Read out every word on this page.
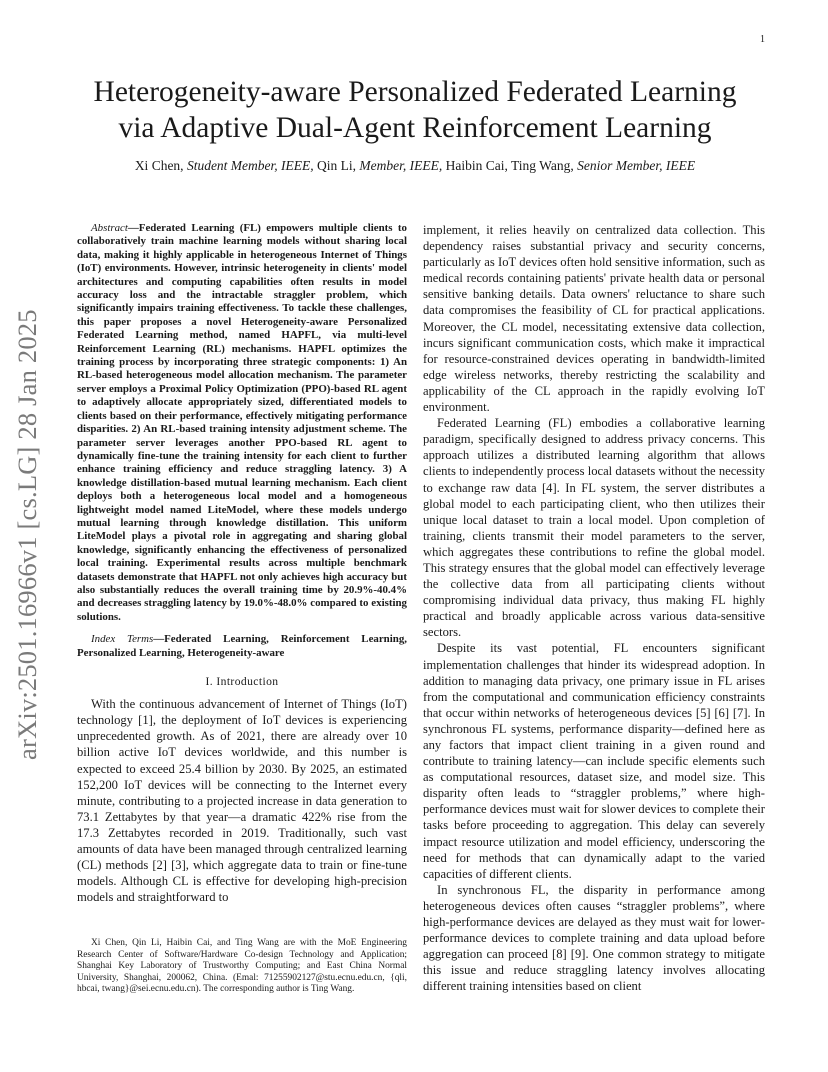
1
arXiv:2501.16966v1 [cs.LG] 28 Jan 2025
Heterogeneity-aware Personalized Federated Learning
via Adaptive Dual-Agent Reinforcement Learning
Xi Chen, Student Member, IEEE, Qin Li, Member, IEEE, Haibin Cai, Ting Wang, Senior Member, IEEE

Abstract—Federated Learning (FL) empowers multiple clients to collaboratively train machine learning models without sharing local data, making it highly applicable in heterogeneous Internet of Things (IoT) environments. However, intrinsic heterogeneity in clients' model architectures and computing capabilities often results in model accuracy loss and the intractable straggler problem, which significantly impairs training effectiveness. To tackle these challenges, this paper proposes a novel Heterogeneity-aware Personalized Federated Learning method, named HAPFL, via multi-level Reinforcement Learning (RL) mechanisms. HAPFL optimizes the training process by incorporating three strategic components: 1) An RL-based heterogeneous model allocation mechanism. The parameter server employs a Proximal Policy Optimization (PPO)-based RL agent to adaptively allocate appropriately sized, differentiated models to clients based on their performance, effectively mitigating performance disparities. 2) An RL-based training intensity adjustment scheme. The parameter server leverages another PPO-based RL agent to dynamically fine-tune the training intensity for each client to further enhance training efficiency and reduce straggling latency. 3) A knowledge distillation-based mutual learning mechanism. Each client deploys both a heterogeneous local model and a homogeneous lightweight model named LiteModel, where these models undergo mutual learning through knowledge distillation. This uniform LiteModel plays a pivotal role in aggregating and sharing global knowledge, significantly enhancing the effectiveness of personalized local training. Experimental results across multiple benchmark datasets demonstrate that HAPFL not only achieves high accuracy but also substantially reduces the overall training time by 20.9%-40.4% and decreases straggling latency by 19.0%-48.0% compared to existing solutions.

Index Terms—Federated Learning, Reinforcement Learning, Personalized Learning, Heterogeneity-aware

I. Introduction

With the continuous advancement of Internet of Things (IoT) technology [1], the deployment of IoT devices is experiencing unprecedented growth. As of 2021, there are already over 10 billion active IoT devices worldwide, and this number is expected to exceed 25.4 billion by 2030. By 2025, an estimated 152,200 IoT devices will be connecting to the Internet every minute, contributing to a projected increase in data generation to 73.1 Zettabytes by that year—a dramatic 422% rise from the 17.3 Zettabytes recorded in 2019. Traditionally, such vast amounts of data have been managed through centralized learning (CL) methods [2] [3], which aggregate data to train or fine-tune models. Although CL is effective for developing high-precision models and straightforward to

Xi Chen, Qin Li, Haibin Cai, and Ting Wang are with the MoE Engineering Research Center of Software/Hardware Co-design Technology and Application; Shanghai Key Laboratory of Trustworthy Computing; and East China Normal University, Shanghai, 200062, China. (Emal: 71255902127@stu.ecnu.edu.cn, {qli, hbcai, twang}@sei.ecnu.edu.cn). The corresponding author is Ting Wang.

implement, it relies heavily on centralized data collection. This dependency raises substantial privacy and security concerns, particularly as IoT devices often hold sensitive information, such as medical records containing patients' private health data or personal sensitive banking details. Data owners' reluctance to share such data compromises the feasibility of CL for practical applications. Moreover, the CL model, necessitating extensive data collection, incurs significant communication costs, which make it impractical for resource-constrained devices operating in bandwidth-limited edge wireless networks, thereby restricting the scalability and applicability of the CL approach in the rapidly evolving IoT environment.

Federated Learning (FL) embodies a collaborative learning paradigm, specifically designed to address privacy concerns. This approach utilizes a distributed learning algorithm that allows clients to independently process local datasets without the necessity to exchange raw data [4]. In FL system, the server distributes a global model to each participating client, who then utilizes their unique local dataset to train a local model. Upon completion of training, clients transmit their model parameters to the server, which aggregates these contributions to refine the global model. This strategy ensures that the global model can effectively leverage the collective data from all participating clients without compromising individual data privacy, thus making FL highly practical and broadly applicable across various data-sensitive sectors.

Despite its vast potential, FL encounters significant implementation challenges that hinder its widespread adoption. In addition to managing data privacy, one primary issue in FL arises from the computational and communication efficiency constraints that occur within networks of heterogeneous devices [5] [6] [7]. In synchronous FL systems, performance disparity—defined here as any factors that impact client training in a given round and contribute to training latency—can include specific elements such as computational resources, dataset size, and model size. This disparity often leads to “straggler problems,” where high-performance devices must wait for slower devices to complete their tasks before proceeding to aggregation. This delay can severely impact resource utilization and model efficiency, underscoring the need for methods that can dynamically adapt to the varied capacities of different clients.

In synchronous FL, the disparity in performance among heterogeneous devices often causes “straggler problems”, where high-performance devices are delayed as they must wait for lower-performance devices to complete training and data upload before aggregation can proceed [8] [9]. One common strategy to mitigate this issue and reduce straggling latency involves allocating different training intensities based on client
